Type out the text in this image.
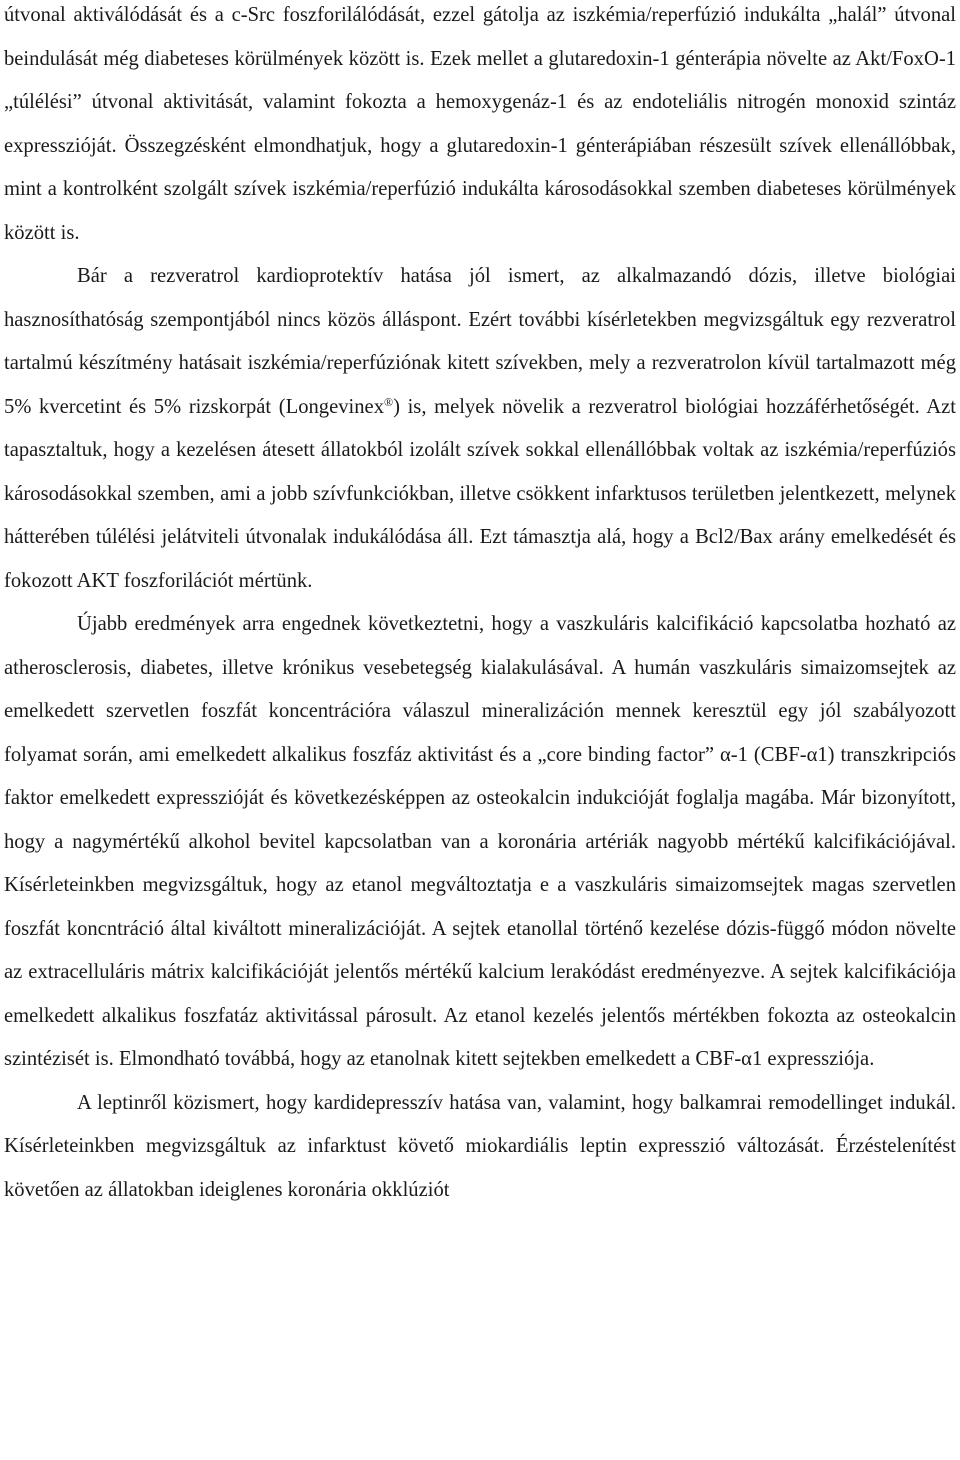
útvonal aktiválódását és a c-Src foszforilálódását, ezzel gátolja az iszkémia/reperfúzió indukálta „halál” útvonal beindulását még diabeteses körülmények között is. Ezek mellet a glutaredoxin-1 génterápia növelte az Akt/FoxO-1 „túlélési” útvonal aktivitását, valamint fokozta a hemoxygenáz-1 és az endoteliális nitrogén monoxid szintáz expresszióját. Összegzésként elmondhatjuk, hogy a glutaredoxin-1 génterápiában részesült szívek ellenállóbbak, mint a kontrolként szolgált szívek iszkémia/reperfúzió indukálta károsodásokkal szemben diabeteses körülmények között is.

Bár a rezveratrol kardioprotektív hatása jól ismert, az alkalmazandó dózis, illetve biológiai hasznosíthatóság szempontjából nincs közös álláspont. Ezért további kísérletekben megvizsgáltuk egy rezveratrol tartalmú készítmény hatásait iszkémia/reperfúziónak kitett szívekben, mely a rezveratrolon kívül tartalmazott még 5% kvercetint és 5% rizskorpát (Longevinex®) is, melyek növelik a rezveratrol biológiai hozzáférhetőségét. Azt tapasztaltuk, hogy a kezelésen átesett állatokból izolált szívek sokkal ellenállóbbak voltak az iszkémia/reperfúziós károsodásokkal szemben, ami a jobb szívfunkciókban, illetve csökkent infarktusos területben jelentkezett, melynek hátterében túlélési jelátviteli útvonalak indukálódása áll. Ezt támasztja alá, hogy a Bcl2/Bax arány emelkedését és fokozott AKT foszforilációt mértünk.

Újabb eredmények arra engednek következtetni, hogy a vaszkuláris kalcifikáció kapcsolatba hozható az atherosclerosis, diabetes, illetve krónikus vesebetegség kialakulásával. A humán vaszkuláris simaizomsejtek az emelkedett szervetlen foszfát koncentrációra válaszul mineralizáción mennek keresztül egy jól szabályozott folyamat során, ami emelkedett alkalikus foszfáz aktivitást és a „core binding factor” α-1 (CBF-α1) transzkripciós faktor emelkedett expresszióját és következésképpen az osteokalcin indukcióját foglalja magába. Már bizonyított, hogy a nagymértékű alkohol bevitel kapcsolatban van a koronária artériák nagyobb mértékű kalcifikációjával. Kísérleteinkben megvizsgáltuk, hogy az etanol megváltoztatja e a vaszkuláris simaizomsejtek magas szervetlen foszfát koncntráció által kiváltott mineralizációját. A sejtek etanollal történő kezelése dózis-függő módon növelte az extracelluláris mátrix kalcifikációját jelentős mértékű kalcium lerakódást eredményezve. A sejtek kalcifikációja emelkedett alkalikus foszfatáz aktivitással párosult. Az etanol kezelés jelentős mértékben fokozta az osteokalcin szintézisét is. Elmondható továbbá, hogy az etanolnak kitett sejtekben emelkedett a CBF-α1 expressziója.

A leptinről közismert, hogy kardidepresszív hatása van, valamint, hogy balkamrai remodellinget indukál. Kísérleteinkben megvizsgáltuk az infarktust követő miokardiális leptin expresszió változását. Érzéstelenítést követően az állatokban ideiglenes koronária okklúziót
